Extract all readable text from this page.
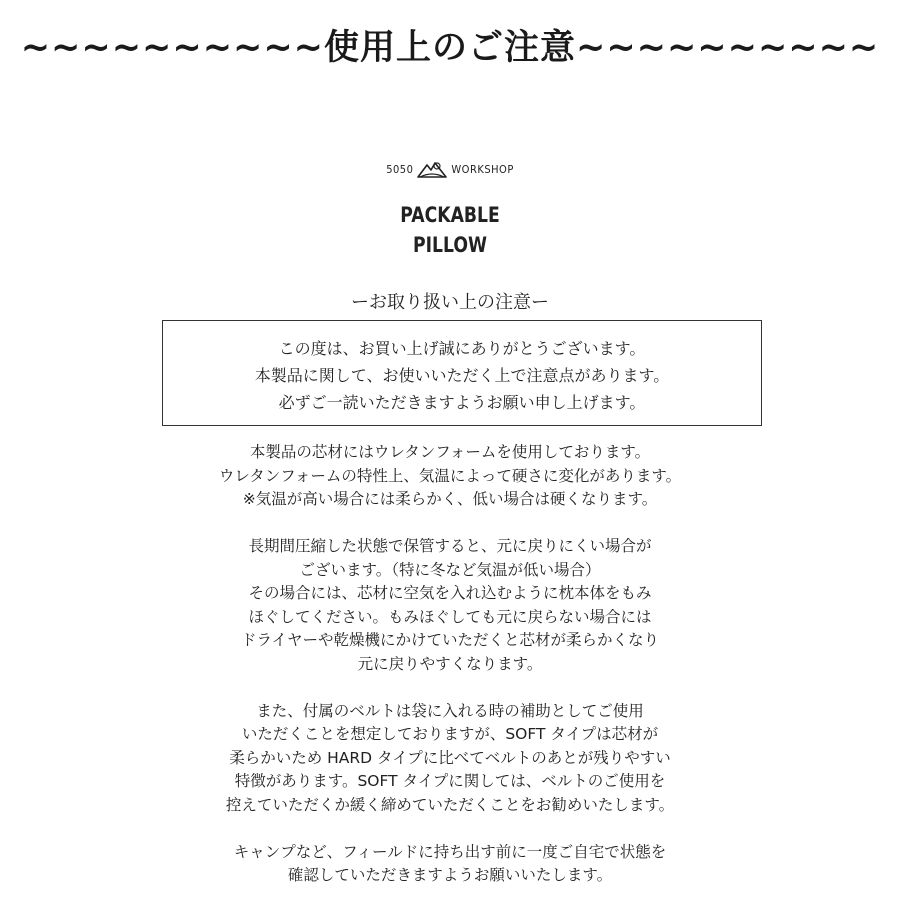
~~~~~~~~~~使用上のご注意~~~~~~~~~~
5050	WORKSHOP
PACKABLE
PILLOW
ーお取り扱い上の注意ー
この度は、お買い上げ誠にありがとうございます。
本製品に関して、お使いいただく上で注意点があります。
必ずご一読いただきますようお願い申し上げます。
本製品の芯材にはウレタンフォームを使用しております。
ウレタンフォームの特性上、気温によって硬さに変化があります。
※気温が高い場合には柔らかく、低い場合は硬くなります。
長期間圧縮した状態で保管すると、元に戻りにくい場合が
ございます。（特に冬など気温が低い場合）
その場合には、芯材に空気を入れ込むように枕本体をもみ
ほぐしてください。もみほぐしても元に戻らない場合には
ドライヤーや乾燥機にかけていただくと芯材が柔らかくなり
元に戻りやすくなります。
また、付属のベルトは袋に入れる時の補助としてご使用
いただくことを想定しておりますが、SOFT タイプは芯材が
柔らかいため HARD タイプに比べてベルトのあとが残りやすい
特徴があります。SOFT タイプに関しては、ベルトのご使用を
控えていただくか緩く締めていただくことをお勧めいたします。
キャンプなど、フィールドに持ち出す前に一度ご自宅で状態を
確認していただきますようお願いいたします。
